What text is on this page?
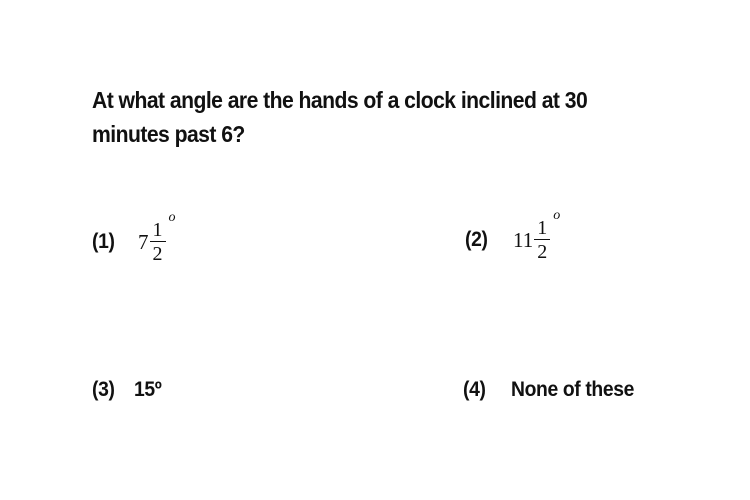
At what angle are the hands of a clock inclined at 30 minutes past 6?
(1)	$7 \frac{1}{2}$
o
(2)	$11 \frac{1}{2}$
o
(3) 15º	(4)	None of these
